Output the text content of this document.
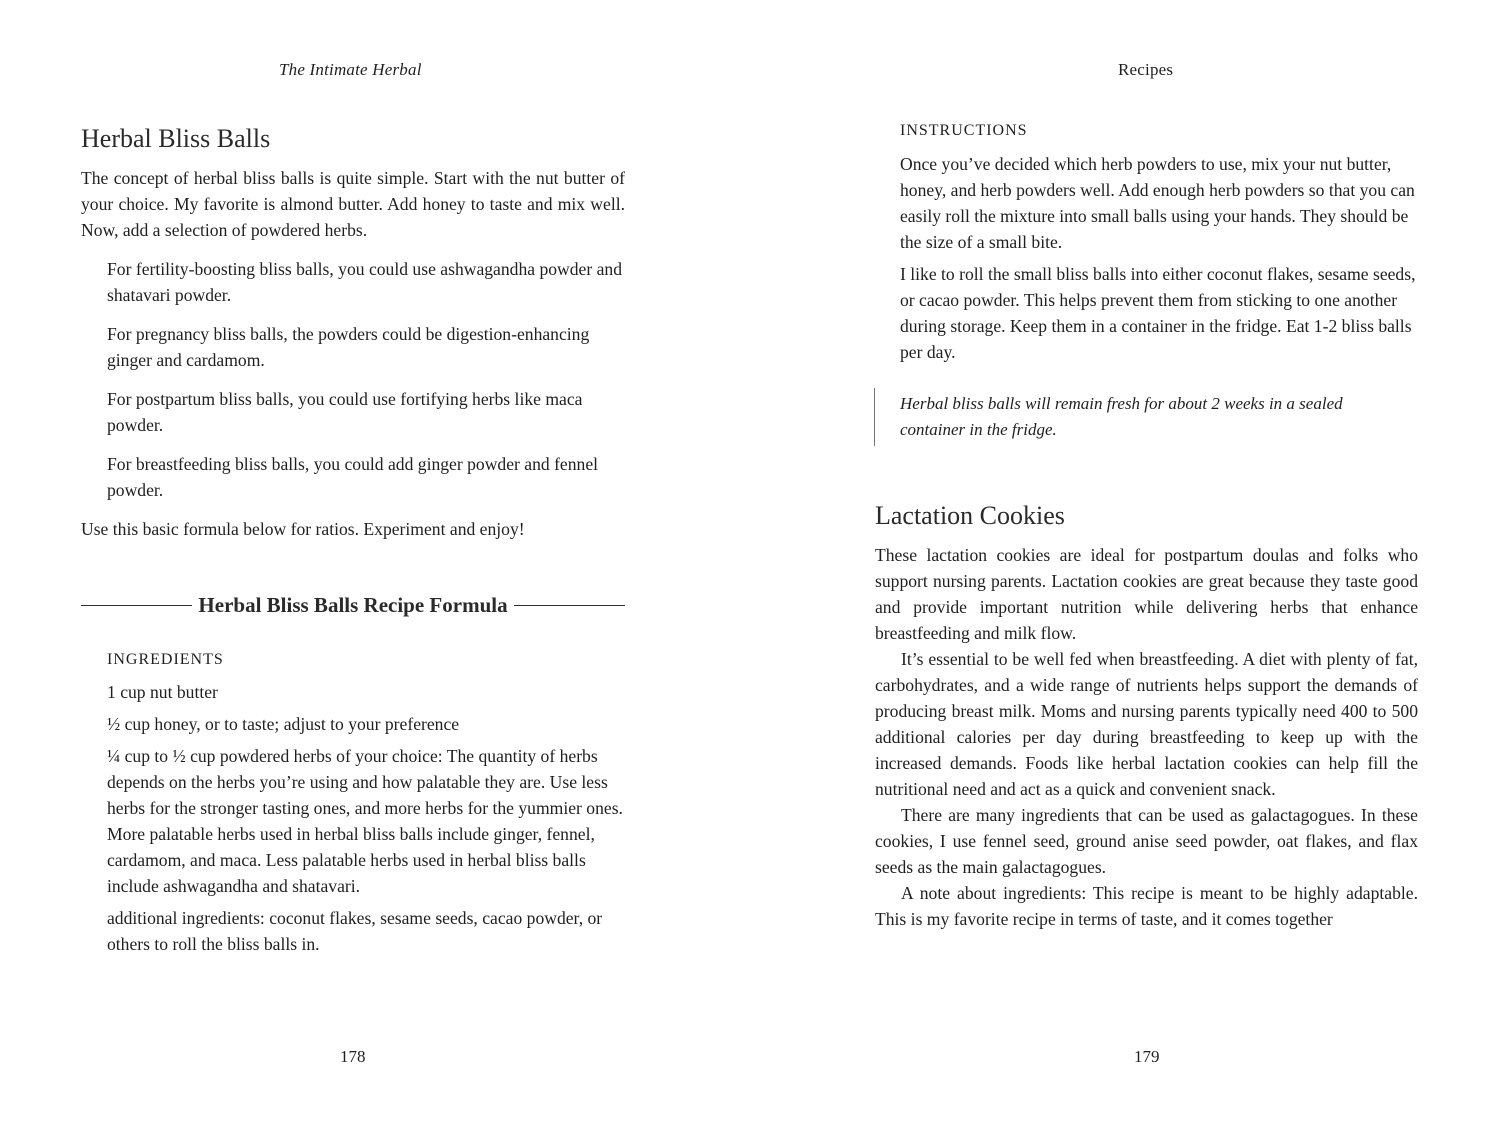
The Intimate Herbal
Herbal Bliss Balls

The concept of herbal bliss balls is quite simple. Start with the nut butter of your choice. My favorite is almond butter. Add honey to taste and mix well. Now, add a selection of powdered herbs.

For fertility-boosting bliss balls, you could use ashwagandha powder and shatavari powder.

For pregnancy bliss balls, the powders could be digestion-enhancing ginger and cardamom.

For postpartum bliss balls, you could use fortifying herbs like maca powder.

For breastfeeding bliss balls, you could add ginger powder and fennel powder.

Use this basic formula below for ratios. Experiment and enjoy!

Herbal Bliss Balls Recipe Formula
INGREDIENTS

1 cup nut butter

½ cup honey, or to taste; adjust to your preference

¼ cup to ½ cup powdered herbs of your choice: The quantity of herbs depends on the herbs you’re using and how palatable they are. Use less herbs for the stronger tasting ones, and more herbs for the yummier ones. More palatable herbs used in herbal bliss balls include ginger, fennel, cardamom, and maca. Less palatable herbs used in herbal bliss balls include ashwagandha and shatavari.

additional ingredients: coconut flakes, sesame seeds, cacao powder, or others to roll the bliss balls in.

178
Recipes
INSTRUCTIONS

Once you’ve decided which herb powders to use, mix your nut butter, honey, and herb powders well. Add enough herb powders so that you can easily roll the mixture into small balls using your hands. They should be the size of a small bite.

I like to roll the small bliss balls into either coconut flakes, sesame seeds, or cacao powder. This helps prevent them from sticking to one another during storage. Keep them in a container in the fridge. Eat 1-2 bliss balls per day.

Herbal bliss balls will remain fresh for about 2 weeks in a sealed container in the fridge.

Lactation Cookies

These lactation cookies are ideal for postpartum doulas and folks who support nursing parents. Lactation cookies are great because they taste good and provide important nutrition while delivering herbs that enhance breastfeeding and milk flow.

It’s essential to be well fed when breastfeeding. A diet with plenty of fat, carbohydrates, and a wide range of nutrients helps support the demands of producing breast milk. Moms and nursing parents typically need 400 to 500 additional calories per day during breastfeeding to keep up with the increased demands. Foods like herbal lactation cookies can help fill the nutritional need and act as a quick and convenient snack.

There are many ingredients that can be used as galactagogues. In these cookies, I use fennel seed, ground anise seed powder, oat flakes, and flax seeds as the main galactagogues.

A note about ingredients: This recipe is meant to be highly adaptable. This is my favorite recipe in terms of taste, and it comes together

179
